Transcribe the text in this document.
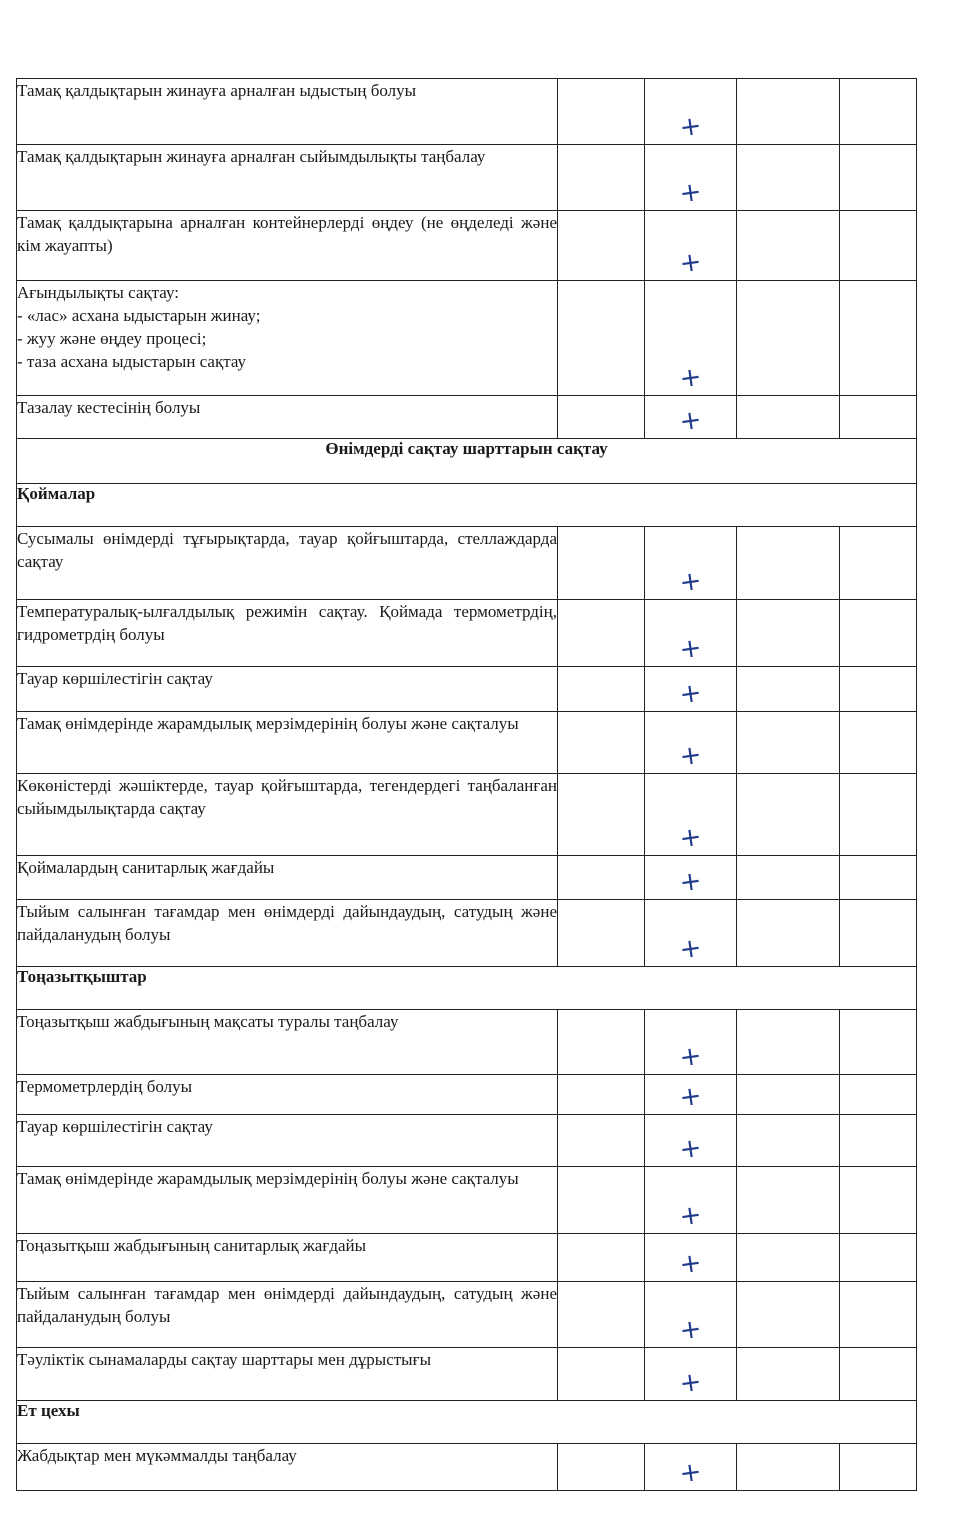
Тамақ қалдықтарын жинауға арналған ыдыстың болуы		+		

Тамақ қалдықтарын жинауға арналған сыйымдылықты таңбалау		+		

Тамақ қалдықтарына арналған контейнерлерді өңдеу (не өңделеді және кім жауапты)		+		

Ағындылықты сақтау:
- «лас» асхана ыдыстарын жинау;
- жуу және өңдеу процесі;
- таза асхана ыдыстарын сақтау		+		

Тазалау кестесінің болуы		+		

Өнімдерді сақтау шарттарын сақтау				
Қоймалар				
Сусымалы өнімдерді тұғырықтарда, тауар қойғыштарда, стеллаждарда сақтау		+		

Температуралық-ылғалдылық режимін сақтау. Қоймада термометрдің, гидрометрдің болуы		+		

Тауар көршілестігін сақтау		+		

Тамақ өнімдерінде жарамдылық мерзімдерінің болуы және сақталуы		+		

Көкөністерді жәшіктерде, тауар қойғыштарда, тегендердегі таңбаланған сыйымдылықтарда сақтау		+		

Қоймалардың санитарлық жағдайы		+		

Тыйым салынған тағамдар мен өнімдерді дайындаудың, сатудың және пайдаланудың болуы		+		

Тоңазытқыштар				
Тоңазытқыш жабдығының мақсаты туралы таңбалау		+		

Термометрлердің болуы		+		

Тауар көршілестігін сақтау		+		

Тамақ өнімдерінде жарамдылық мерзімдерінің болуы және сақталуы		+		

Тоңазытқыш жабдығының санитарлық жағдайы		+		

Тыйым салынған тағамдар мен өнімдерді дайындаудың, сатудың және пайдаланудың болуы		+		

Тәуліктік сынамаларды сақтау шарттары мен дұрыстығы		+		

Ет цехы				
Жабдықтар мен мүкәммалды таңбалау		+		
